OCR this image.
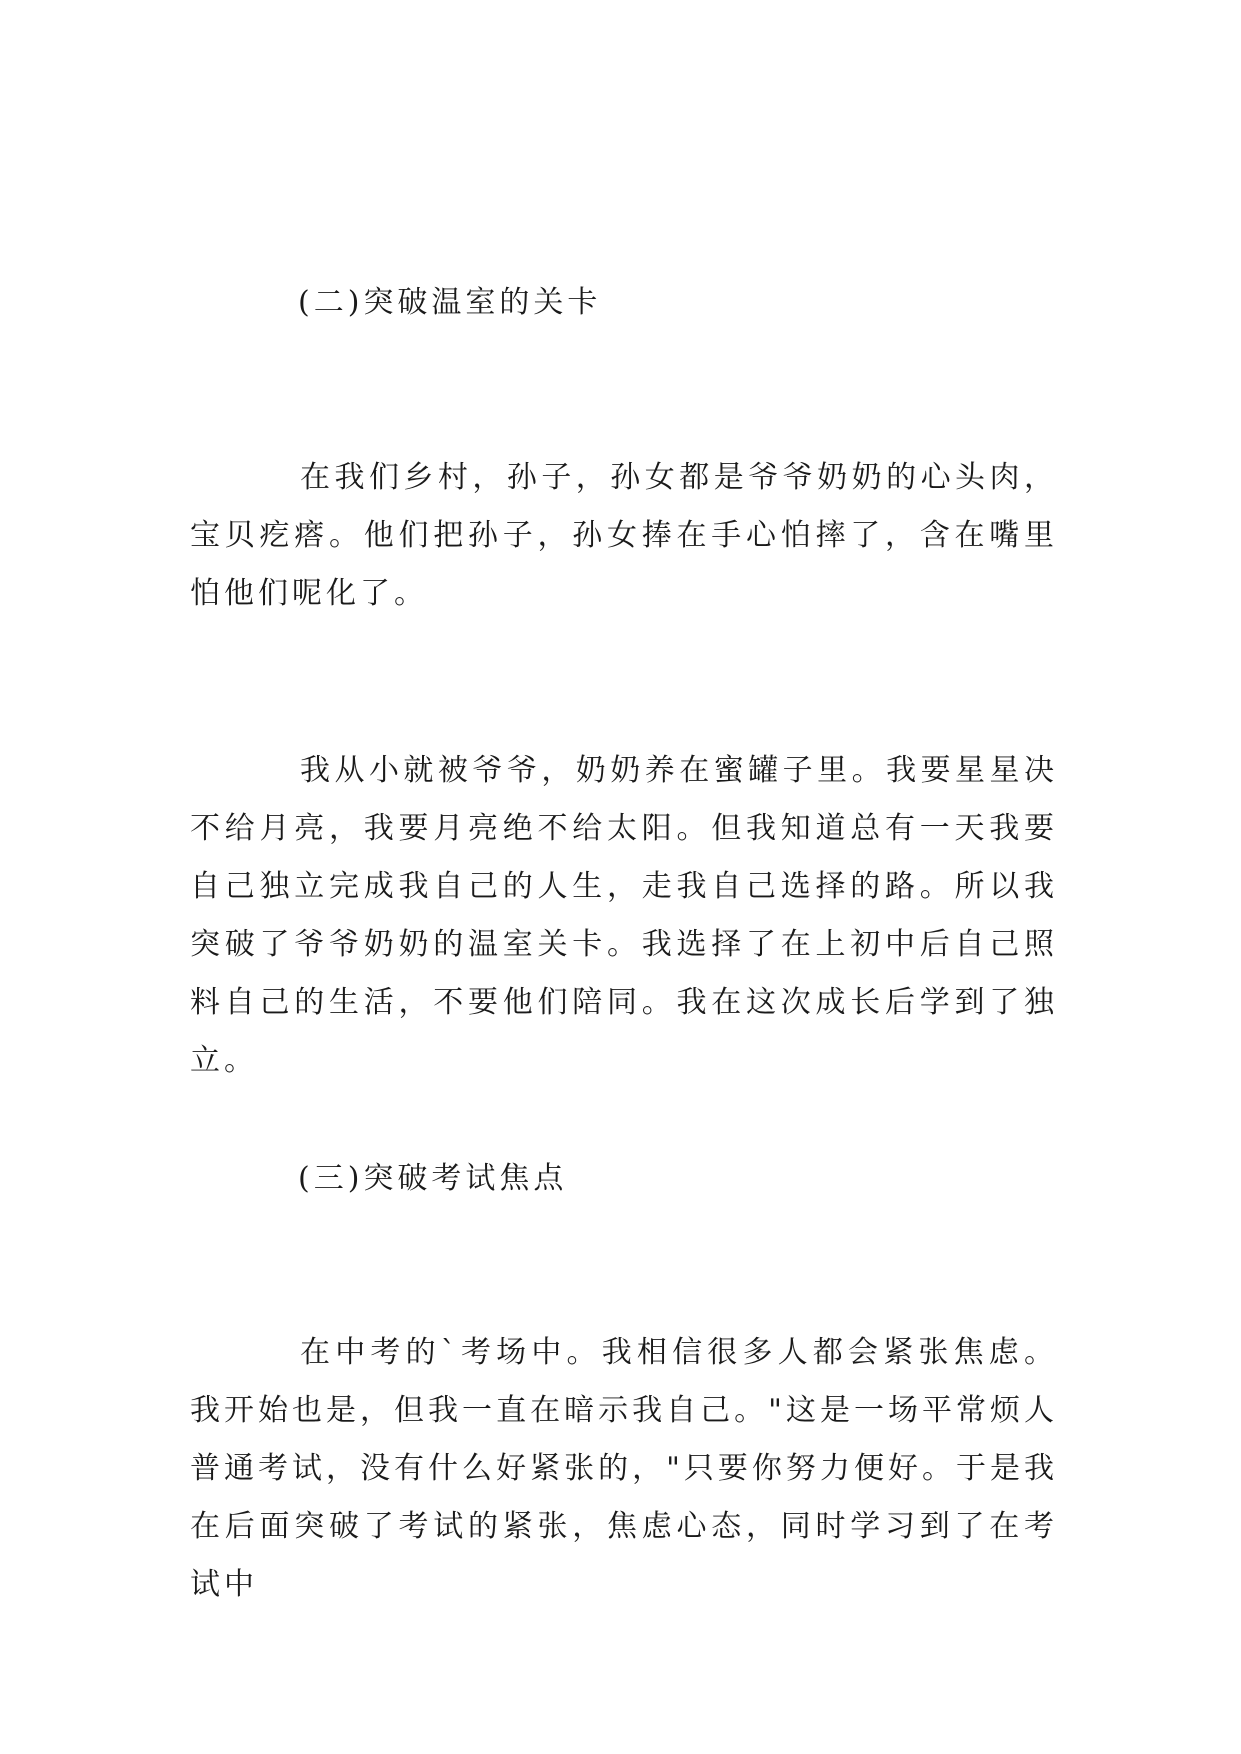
(二)突破温室的关卡

在我们乡村，孙子，孙女都是爷爷奶奶的心头肉，宝贝疙瘩。他们把孙子，孙女捧在手心怕摔了，含在嘴里怕他们呢化了。

我从小就被爷爷，奶奶养在蜜罐子里。我要星星决不给月亮，我要月亮绝不给太阳。但我知道总有一天我要自己独立完成我自己的人生，走我自己选择的路。所以我突破了爷爷奶奶的温室关卡。我选择了在上初中后自己照料自己的生活，不要他们陪同。我在这次成长后学到了独立。

(三)突破考试焦点

在中考的`考场中。我相信很多人都会紧张焦虑。我开始也是，但我一直在暗示我自己。"这是一场平常烦人普通考试，没有什么好紧张的，"只要你努力便好。于是我在后面突破了考试的紧张，焦虑心态，同时学习到了在考试中
